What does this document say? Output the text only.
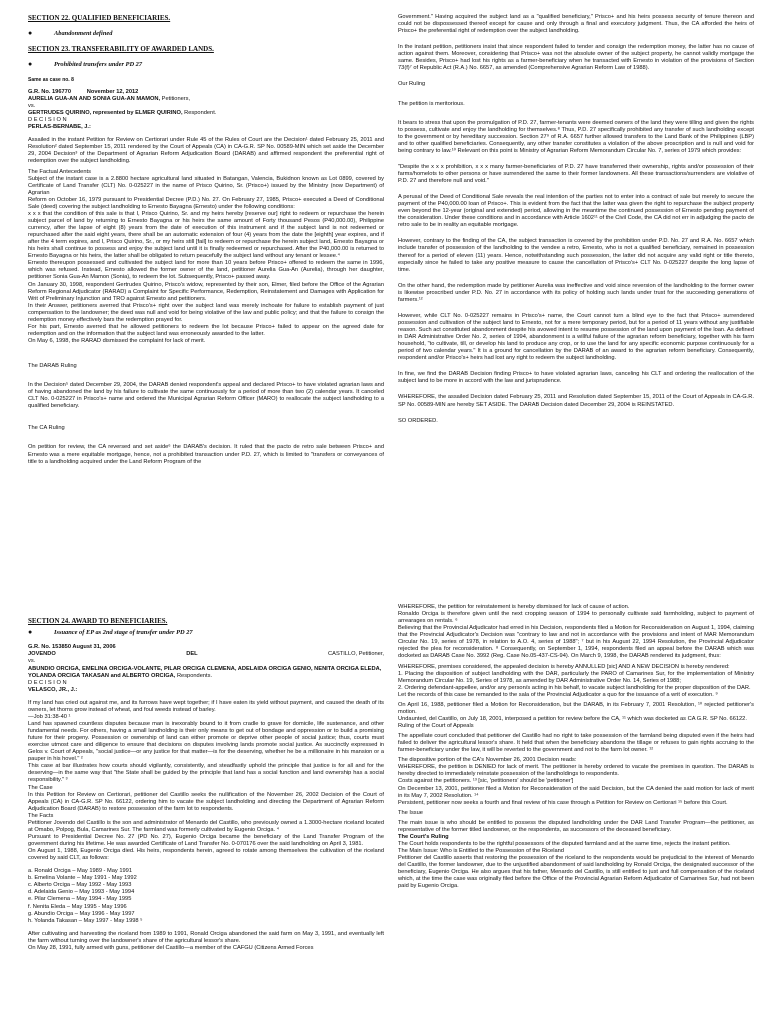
SECTION 22. QUALIFIED BENEFICIARIES.
●	Abandonment defined
SECTION 23. TRANSFERABILITY OF AWARDED LANDS.
●	Prohibited transfers under PD 27
Same as case no. 8
G.R. No. 196770          November 12, 2012
AURELIA GUA-AN AND SONIA GUA-AN MAMON, Petitioners,
vs.
GERTRUDES QUIRINO, represented by ELMER QUIRINO, Respondent.
D E C I S I O N
PERLAS-BERNABE, J.:

Assailed in the instant Petition for Review on Certiorari under Rule 45 of the Rules of Court are the Decision¹ dated February 25, 2011 and Resolution² dated September 15, 2011 rendered by the Court of Appeals (CA) in CA-G.R. SP No. 00589-MIN which set aside the December 29, 2004 Decision³ of the Department of Agrarian Reform Adjudication Board (DARAB) and affirmed respondent the preferential right of redemption over the subject landholding.

The Factual Antecedents

Subject of the instant case is a 2.8800 hectare agricultural land situated in Batangan, Valencia, Bukidnon known as Lot 0899, covered by Certificate of Land Transfer (CLT) No. 0-025227 in the name of Prisco Quirino, Sr. (Prisco+) issued by the Ministry (now Department) of Agrarian

Reform on October 16, 1979 pursuant to Presidential Decree (P.D.) No. 27. On February 27, 1985, Prisco+ executed a Deed of Conditional Sale (deed) covering the subject landholding to Ernesto Bayagna (Ernesto) under the following conditions:

x x x that the condition of this sale is that I, Prisco Quirino, Sr. and my heirs hereby [reserve our] right to redeem or repurchase the herein subject parcel of land by returning to Ernesto Bayagna or his heirs the same amount of Forty thousand Pesos (P40,000.00), Philippine currency, after the lapse of eight (8) years from the date of execution of this instrument and if the subject land is not redeemed or repurchased after the said eight years, there shall be an automatic extension of four (4) years from the date the [eighth] year expires, and if after the 4 term expires, and I, Prisco Quirino, Sr., or my heirs still [fail] to redeem or repurchase the herein subject land, Ernesto Bayagna or his heirs shall continue to possess and enjoy the subject land until it is finally redeemed or repurchased. After the P40,000.00 is returned to Ernesto Bayagna or his heirs, the latter shall be obligated to return peacefully the subject land without any tenant or lessee.⁴

Ernesto thereupon possessed and cultivated the subject land for more than 10 years before Prisco+ offered to redeem the same in 1996, which was refused. Instead, Ernesto allowed the former owner of the land, petitioner Aurelia Gua-An (Aurelia), through her daughter, petitioner Sonia Gua-An Mamon (Sonia), to redeem the lot. Subsequently, Prisco+ passed away.

On January 30, 1998, respondent Gertrudes Quirino, Prisco's widow, represented by their son, Elmer, filed before the Office of the Agrarian Reform Regional Adjudicator (RARAD) a Complaint for Specific Performance, Redemption, Reinstatement and Damages with Application for Writ of Preliminary Injunction and TRO against Ernesto and petitioners.

In their Answer, petitioners averred that Prisco's+ right over the subject land was merely inchoate for failure to establish payment of just compensation to the landowner; the deed was null and void for being violative of the law and public policy; and that the failure to consign the redemption money effectively bars the redemption prayed for.

For his part, Ernesto averred that he allowed petitioners to redeem the lot because Prisco+ failed to appear on the agreed date for redemption and on the information that the subject land was erroneously awarded to the latter.

On May 6, 1998, the RARAD dismissed the complaint for lack of merit.

The DARAB Ruling

In the Decision⁵ dated December 29, 2004, the DARAB denied respondent's appeal and declared Prisco+ to have violated agrarian laws and of having abandoned the land by his failure to cultivate the same continuously for a period of more than two (2) calendar years. It canceled CLT No. 0-025227 in Prisco's+ name and ordered the Municipal Agrarian Reform Officer (MARO) to reallocate the subject landholding to a qualified beneficiary.

The CA Ruling

On petition for review, the CA reversed and set aside⁶ the DARAB's decision. It ruled that the pacto de retro sale between Prisco+ and Ernesto was a mere equitable mortgage, hence, not a prohibited transaction under P.D. 27, which is limited to "transfers or conveyances of title to a landholding acquired under the Land Reform Program of the

Government." Having acquired the subject land as a "qualified beneficiary," Prisco+ and his heirs possess security of tenure thereon and could not be dispossessed thereof except for cause and only through a final and executory judgment. Thus, the CA afforded the heirs of Prisco+ the preferential right of redemption over the subject landholding.

In the instant petition, petitioners insist that since respondent failed to tender and consign the redemption money, the latter has no cause of action against them. Moreover, considering that Prisco+ was not the absolute owner of the subject property, he cannot validly mortgage the same. Besides, Prisco+ had lost his rights as a farmer-beneficiary when he transacted with Ernesto in violation of the provisions of Section 73(f)⁷ of Republic Act (R.A.) No. 6657, as amended (Comprehensive Agrarian Reform Law of 1988).

Our Ruling
The petition is meritorious.

It bears to stress that upon the promulgation of P.D. 27, farmer-tenants were deemed owners of the land they were tilling and given the rights to possess, cultivate and enjoy the landholding for themselves.⁸ Thus, P.D. 27 specifically prohibited any transfer of such landholding except to the government or by hereditary succession. Section 27⁹ of R.A. 6657 further allowed transfers to the Land Bank of the Philippines (LBP) and to other qualified beneficiaries. Consequently, any other transfer constitutes a violation of the above proscription and is null and void for being contrary to law.¹⁰ Relevant on this point is Ministry of Agrarian Reform Memorandum Circular No. 7, series of 1979 which provides:

"Despite the x x x prohibition, x x x many farmer-beneficiaries of P.D. 27 have transferred their ownership, rights and/or possession of their farms/homelots to other persons or have surrendered the same to their former landowners. All these transactions/surrenders are violative of P.D. 27 and therefore null and void."

A perusal of the Deed of Conditional Sale reveals the real intention of the parties not to enter into a contract of sale but merely to secure the payment of the P40,000.00 loan of Prisco+. This is evident from the fact that the latter was given the right to repurchase the subject property even beyond the 12-year (original and extended) period, allowing in the meantime the continued possession of Ernesto pending payment of the consideration. Under these conditions and in accordance with Article 1602¹¹ of the Civil Code, the CA did not err in adjudging the pacto de retro sale to be in reality an equitable mortgage.

However, contrary to the finding of the CA, the subject transaction is covered by the prohibition under P.D. No. 27 and R.A. No. 6657 which include transfer of possession of the landholding to the vendee a retro, Ernesto, who is not a qualified beneficiary, remained in possession thereof for a period of eleven (11) years. Hence, notwithstanding such possession, the latter did not acquire any valid right or title thereto, especially since he failed to take any positive measure to cause the cancellation of Prisco's+ CLT No. 0-025227 despite the long lapse of time.

On the other hand, the redemption made by petitioner Aurelia was ineffective and void since reversion of the landholding to the former owner is likewise proscribed under P.D. No. 27 in accordance with its policy of holding such lands under trust for the succeeding generations of farmers.¹²

However, while CLT No. 0-025227 remains in Prisco's+ name, the Court cannot turn a blind eye to the fact that Prisco+ surrendered possession and cultivation of the subject land to Ernesto, not for a mere temporary period, but for a period of 11 years without any justifiable reason. Such act constituted abandonment despite his avowed intent to resume possession of the land upon payment of the loan. As defined in DAR Administrative Order No. 2, series of 1994, abandonment is a willful failure of the agrarian reform beneficiary, together with his farm household, "to cultivate, till, or develop his land to produce any crop, or to use the land for any specific economic purpose continuously for a period of two calendar years." It is a ground for cancellation by the DARAB of an award to the agrarian reform beneficiary. Consequently, respondent and/or Prisco's+ heirs had lost any right to redeem the subject landholding.

In fine, we find the DARAB Decision finding Prisco+ to have violated agrarian laws, canceling his CLT and ordering the reallocation of the subject land to be more in accord with the law and jurisprudence.

WHEREFORE, the assailed Decision dated February 25, 2011 and Resolution dated September 15, 2011 of the Court of Appeals in CA-G.R. SP No. 00589-MIN are hereby SET ASIDE. The DARAB Decision dated December 29, 2004 is REINSTATED.

SO ORDERED.
SECTION 24. AWARD TO BENEFICIARIES.
●	Issuance of EP as 2nd stage of transfer under PD 27
G.R. No. 153850 August 31, 2006
JOVENDO	DEL	CASTILLO, Petitioner,
vs.
ABUNDIO ORCIGA, EMELINA ORCIGA-VOLANTE, PILAR ORCIGA CLEMENA, ADELAIDA ORCIGA GENIO, NENITA ORCIGA ELEDA, YOLANDA ORCIGA TAKASAN and ALBERTO ORCIGA, Respondents.
D E C I S I O N
VELASCO, JR., J.:

If my land has cried out against me, and its furrows have wept together; if I have eaten its yield without payment, and caused the death of its owners, let thorns grow instead of wheat, and foul weeds instead of barley.

—Job 31:38-40 ¹

Land has spawned countless disputes because man is inexorably bound to it from cradle to grave for domicile, life sustenance, and other fundamental needs. For others, having a small landholding is their only means to get out of bondage and oppression or to build a promising future for their progeny. Possession or ownership of land can either promote or deprive other people of social justice; thus, courts must exercise utmost care and diligence to ensure that decisions on disputes involving lands promote social justice. As succinctly expressed in Gelos v. Court of Appeals, "social justice—or any justice for that matter—is for the deserving, whether he be a millionaire in his mansion or a pauper in his hovel." ²

This case at bar illustrates how courts should vigilantly, consistently, and steadfastly uphold the principle that justice is for all and for the deserving—in the same way that "the State shall be guided by the principle that land has a social function and land ownership has a social responsibility." ³

The Case

In this Petition for Review on Certiorari, petitioner del Castillo seeks the nullification of the November 26, 2002 Decision of the Court of Appeals (CA) in CA-G.R. SP No. 66122, ordering him to vacate the subject landholding and directing the Department of Agrarian Reform Adjudication Board (DARAB) to restore possession of the farm lot to respondents.

The Facts

Petitioner Jovendo del Castillo is the son and administrator of Menardo del Castillo, who previously owned a 1.3000-hectare riceland located at Omabo, Polpog, Bula, Camarines Sur. The farmland was formerly cultivated by Eugenio Orciga. ⁴

Pursuant to Presidential Decree No. 27 (PD No. 27), Eugenio Orciga became the beneficiary of the Land Transfer Program of the government during his lifetime. He was awarded Certificate of Land Transfer No. 0-070176 over the said landholding on April 3, 1981.

On August 1, 1988, Eugenio Orciga died. His heirs, respondents herein, agreed to rotate among themselves the cultivation of the riceland covered by said CLT, as follows:

a. Ronald Orciga – May 1989 - May 1991

b. Emelina Volante – May 1991 - May 1992

c. Alberto Orciga – May 1992 - May 1993

d. Adelaida Genio – May 1993 - May 1994

e. Pilar Clemena – May 1994 - May 1995

f. Nenita Eleda – May 1995 - May 1996

g. Abundio Orciga – May 1996 - May 1997

h. Yolanda Takasan – May 1997 - May 1998 ⁵

After cultivating and harvesting the riceland from 1989 to 1991, Ronald Orciga abandoned the said farm on May 3, 1991, and eventually left the farm without turning over the landowner's share of the agricultural lessor's share.

On May 28, 1991, fully armed with guns, petitioner del Castillo—a member of the CAFGU (Citizens Armed Forces

WHEREFORE, the petition for reinstatement is hereby dismissed for lack of cause of action.

Ronaldo Orciga is therefore given until the next cropping season of 1994 to personally cultivate said farmholding, subject to payment of arrearages on rentals. ⁶

Believing that the Provincial Adjudicator had erred in his Decision, respondents filed a Motion for Reconsideration on August 1, 1994, claiming that the Provincial Adjudicator's Decision was "contrary to law and not in accordance with the provisions and intent of MAR Memorandum Circular No. 19, series of 1978, in relation to A.O. 4, series of 1988"; ⁷ but in his August 22, 1994 Resolution, the Provincial Adjudicator rejected the plea for reconsideration. ⁸ Consequently, on September 1, 1994, respondents filed an appeal before the DARAB which was docketed as DARAB Case No. 3992 (Reg. Case No.05-437-CS-94). On March 9, 1998, the DARAB rendered its judgment, thus:

WHEREFORE, premises considered, the appealed decision is hereby ANNULLED [sic] AND A NEW DECISION is hereby rendered:

1. Placing the disposition of subject landholding with the DAR, particularly the PARO of Camarines Sur, for the implementation of Ministry Memorandum Circular No. 19, Series of 1978, as amended by DAR Administrative Order No. 14, Series of 1988;

2. Ordering defendant-appellee, and/or any person/s acting in his behalf, to vacate subject landholding for the proper disposition of the DAR.

Let the records of this case be remanded to the sala of the Provincial Adjudicator a quo for the issuance of a writ of execution. ⁹

On April 16, 1988, petitioner filed a Motion for Reconsideration, but the DARAB, in its February 7, 2001 Resolution, ¹⁰ rejected petitioner's motion.

Undaunted, del Castillo, on July 18, 2001, interposed a petition for review before the CA, ¹¹ which was docketed as CA G.R. SP No. 66122.

Ruling of the Court of Appeals

The appellate court concluded that petitioner del Castillo had no right to take possession of the farmland being disputed even if the heirs had failed to deliver the agricultural lessor's share. It held that when the beneficiary abandons the tillage or refuses to gain rights accruing to the farmer-beneficiary under the law, it will be reverted to the government and not to the farm lot owner. ¹²

The dispositive portion of the CA's November 26, 2001 Decision reads:

WHEREFORE, the petition is DENIED for lack of merit. The petitioner is hereby ordered to vacate the premises in question. The DARAB is hereby directed to immediately reinstate possession of the landholdings to respondents.

Costs against the petitioners. ¹³ [sic, 'petitioners' should be 'petitioner']

On December 13, 2001, petitioner filed a Motion for Reconsideration of the said Decision, but the CA denied the said motion for lack of merit in its May 7, 2002 Resolution. ¹⁴

Persistent, petitioner now seeks a fourth and final review of his case through a Petition for Review on Certiorari ¹⁵ before this Court.

The Issue

The main issue is who should be entitled to possess the disputed landholding under the DAR Land Transfer Program—the petitioner, as representative of the former titled landowner, or the respondents, as successors of the deceased beneficiary.

The Court's Ruling

The Court holds respondents to be the rightful possessors of the disputed farmland and at the same time, rejects the instant petition.

The Main Issue: Who is Entitled to the Possession of the Riceland

Petitioner del Castillo asserts that restoring the possession of the riceland to the respondents would be prejudicial to the interest of Menardo del Castillo, the former landowner, due to the unjustified abandonment of said landholding by Ronald Orciga, the designated successor of the beneficiary, Eugenio Orciga. He also argues that his father, Menardo del Castillo, is still entitled to just and full compensation of the riceland which, at the time the case was originally filed before the Office of the Provincial Agrarian Reform Adjudicator of Camarines Sur, had not been paid by Eugenio Orciga.
